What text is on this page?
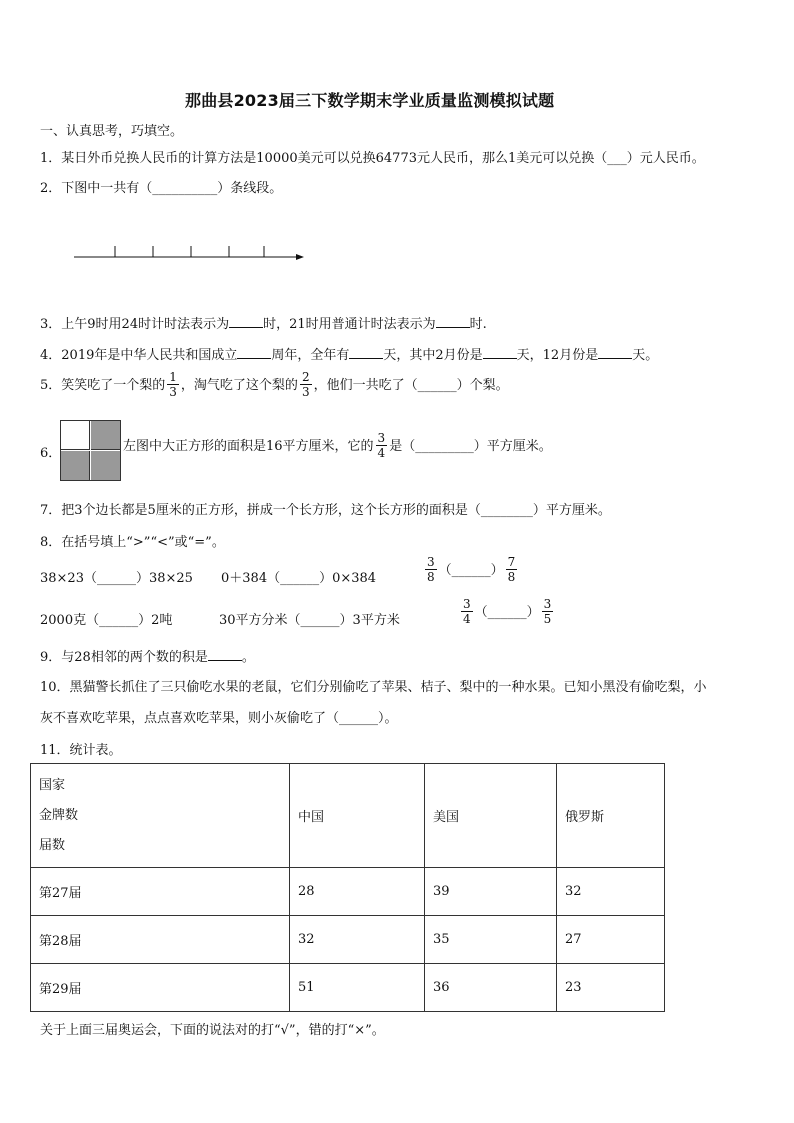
那曲县2023届三下数学期末学业质量监测模拟试题
一、认真思考，巧填空。
1．某日外币兑换人民币的计算方法是10000美元可以兑换64773元人民币，那么1美元可以兑换（___）元人民币。
2．下图中一共有（__________）条线段。
3．上午9时用24时计时法表示为	时，21时用普通计时法表示为	时.
4．2019年是中华人民共和国成立	周年，全年有	天，其中2月份是	天，12月份是	天。
5．笑笑吃了一个梨的 $\frac{1}{3}$ ，淘气吃了这个梨的 $\frac{2}{3}$ ，他们一共吃了（______）个梨。
6．	左图中大正方形的面积是16平方厘米，它的 $\frac{3}{4}$ 是（_________）平方厘米。
7．把3个边长都是5厘米的正方形，拼成一个长方形，这个长方形的面积是（________）平方厘米。
8．在括号填上“>”“<”或“=”。
38×23（______）38×25 0＋384（______）0×384	$\frac{3}{8}$ （______） $\frac{7}{8}$
2000克（______）2吨	30平方分米（______）3平方米	$\frac{3}{4}$ （______） $\frac{3}{5}$
9．与28相邻的两个数的积是	。
10．黑猫警长抓住了三只偷吃水果的老鼠，它们分别偷吃了苹果、桔子、梨中的一种水果。已知小黑没有偷吃梨，小
灰不喜欢吃苹果，点点喜欢吃苹果，则小灰偷吃了（______）。
11．统计表。
国家
金牌数
届数	中国	美国	俄罗斯
第27届	28	39	32
第28届	32	35	27
第29届	51	36	23
关于上面三届奥运会，下面的说法对的打“√”，错的打“×”。
